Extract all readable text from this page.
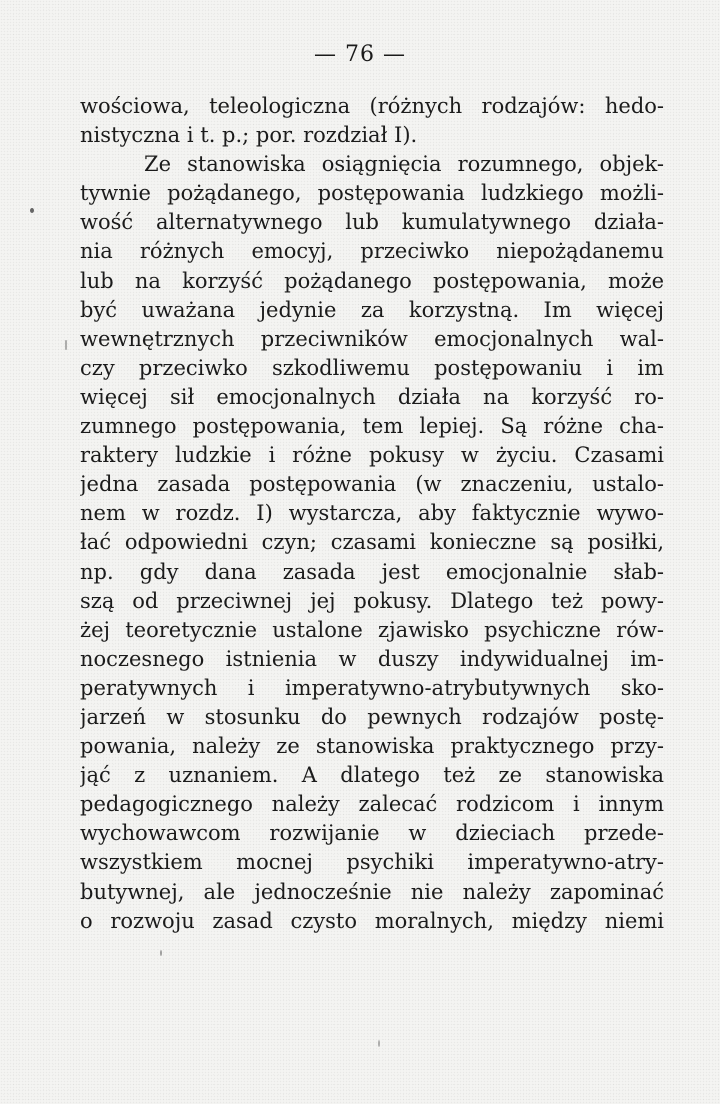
— 76 —
wościowa, teleologiczna (różnych rodzajów: hedo-
nistyczna i t. p.; por. rozdział I).
Ze stanowiska osiągnięcia rozumnego, objek-
tywnie pożądanego, postępowania ludzkiego możli-
wość alternatywnego lub kumulatywnego działa-
nia różnych emocyj, przeciwko niepożądanemu
lub na korzyść pożądanego postępowania, może
być uważana jedynie za korzystną. Im więcej
wewnętrznych przeciwników emocjonalnych wal-
czy przeciwko szkodliwemu postępowaniu i im
więcej sił emocjonalnych działa na korzyść ro-
zumnego postępowania, tem lepiej. Są różne cha-
raktery ludzkie i różne pokusy w życiu. Czasami
jedna zasada postępowania (w znaczeniu, ustalo-
nem w rozdz. I) wystarcza, aby faktycznie wywo-
łać odpowiedni czyn; czasami konieczne są posiłki,
np. gdy dana zasada jest emocjonalnie słab-
szą od przeciwnej jej pokusy. Dlatego też powy-
żej teoretycznie ustalone zjawisko psychiczne rów-
noczesnego istnienia w duszy indywidualnej im-
peratywnych i imperatywno-atrybutywnych sko-
jarzeń w stosunku do pewnych rodzajów postę-
powania, należy ze stanowiska praktycznego przy-
jąć z uznaniem. A dlatego też ze stanowiska
pedagogicznego należy zalecać rodzicom i innym
wychowawcom rozwijanie w dzieciach przede-
wszystkiem mocnej psychiki imperatywno-atry-
butywnej, ale jednocześnie nie należy zapominać
o rozwoju zasad czysto moralnych, między niemi
